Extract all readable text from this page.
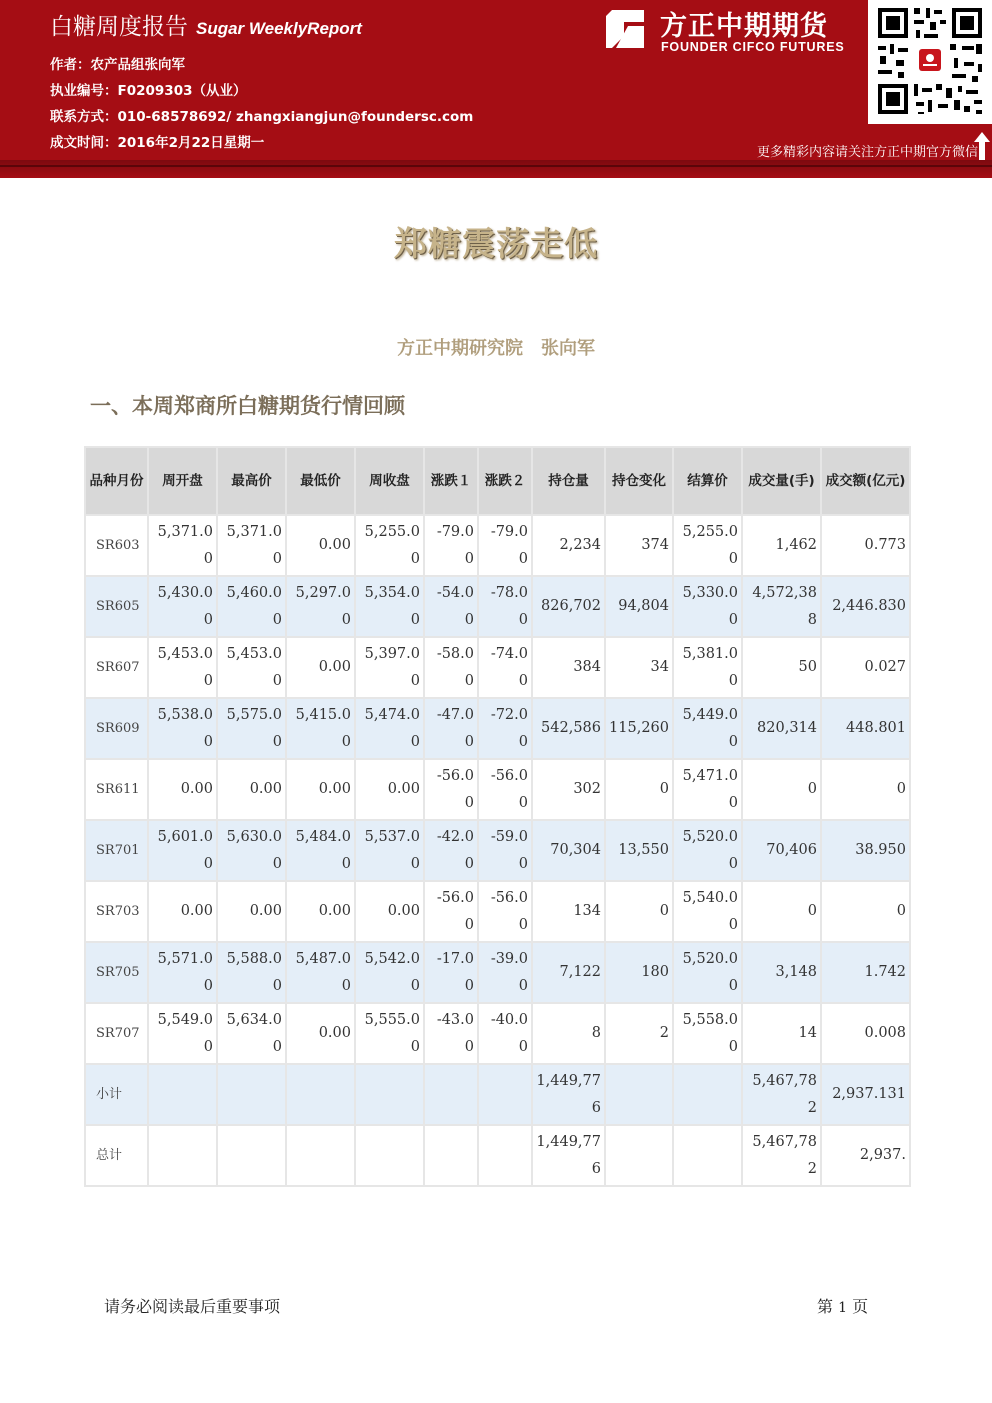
白糖周度报告 Sugar WeeklyReport
作者：农产品组张向军
执业编号：F0209303（从业）
联系方式：010-68578692/ zhangxiangjun@foundersc.com
成文时间：2016年2月22日星期一
方正中期期货
FOUNDER CIFCO FUTURES
更多精彩内容请关注方正中期官方微信
郑糖震荡走低
方正中期研究院　张向军
一、本周郑商所白糖期货行情回顾
品种月份	周开盘	最高价	最低价	周收盘	涨跌１	涨跌２	持仓量	持仓变化	结算价	成交量(手)	成交额(亿元)
SR603	5,371.00	5,371.00	0.00	5,255.00	-79.00	-79.00	2,234	374	5,255.00	1,462	0.773
SR605	5,430.00	5,460.00	5,297.00	5,354.00	-54.00	-78.00	826,702	94,804	5,330.00	4,572,388	2,446.830
SR607	5,453.00	5,453.00	0.00	5,397.00	-58.00	-74.00	384	34	5,381.00	50	0.027
SR609	5,538.00	5,575.00	5,415.00	5,474.00	-47.00	-72.00	542,586	115,260	5,449.00	820,314	448.801
SR611	0.00	0.00	0.00	0.00	-56.00	-56.00	302	0	5,471.00	0	0
SR701	5,601.00	5,630.00	5,484.00	5,537.00	-42.00	-59.00	70,304	13,550	5,520.00	70,406	38.950
SR703	0.00	0.00	0.00	0.00	-56.00	-56.00	134	0	5,540.00	0	0
SR705	5,571.00	5,588.00	5,487.00	5,542.00	-17.00	-39.00	7,122	180	5,520.00	3,148	1.742
SR707	5,549.00	5,634.00	0.00	5,555.00	-43.00	-40.00	8	2	5,558.00	14	0.008
小计							1,449,776			5,467,782	2,937.131
总计							1,449,776			5,467,782	2,937.
请务必阅读最后重要事项	第 1 页
